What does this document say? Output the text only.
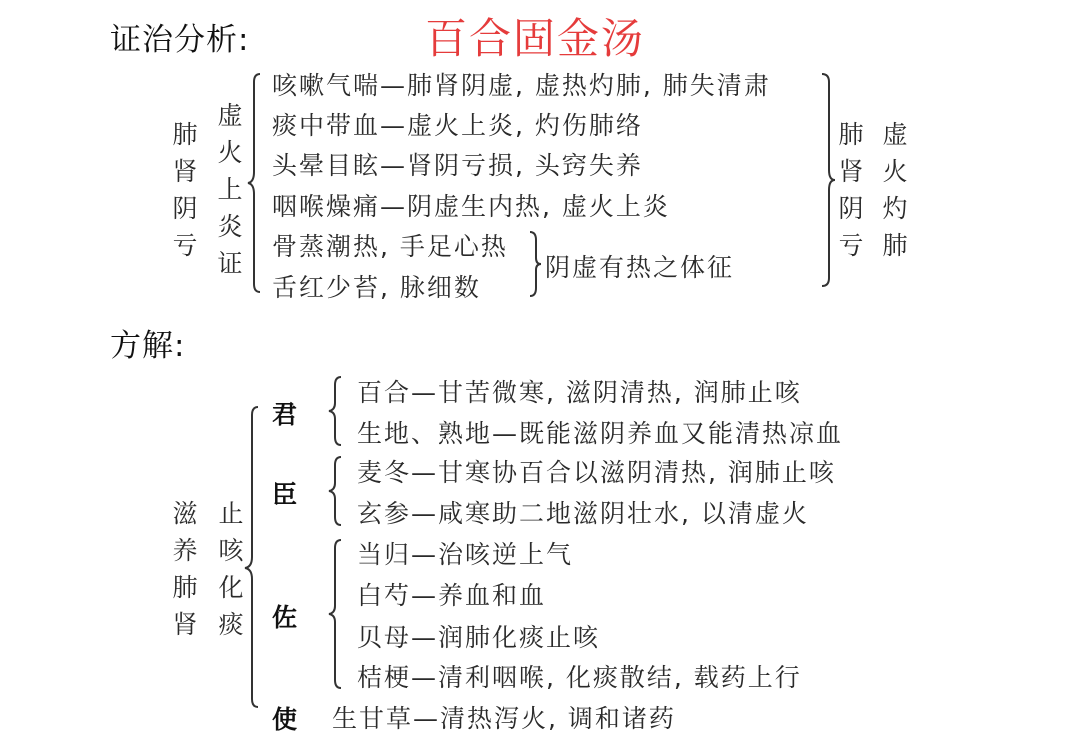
证治分析:	百合固金汤
肺
肾
阴
亏
虚
火
上
炎
证
咳嗽气喘—肺肾阴虚, 虚热灼肺, 肺失清肃
痰中带血—虚火上炎, 灼伤肺络
头晕目眩—肾阴亏损, 头窍失养
咽喉燥痛—阴虚生内热, 虚火上炎
骨蒸潮热, 手足心热
舌红少苔, 脉细数
阴虚有热之体征
肺
肾
阴
亏
虚
火
灼
肺
方解:
滋
养
肺
肾
止
咳
化
痰
君
百合—甘苦微寒, 滋阴清热, 润肺止咳
生地、熟地—既能滋阴养血又能清热凉血
臣
麦冬—甘寒协百合以滋阴清热, 润肺止咳
玄参—咸寒助二地滋阴壮水, 以清虚火
佐
当归—治咳逆上气
白芍—养血和血
贝母—润肺化痰止咳
桔梗—清利咽喉, 化痰散结, 载药上行
使 生甘草—清热泻火, 调和诸药
